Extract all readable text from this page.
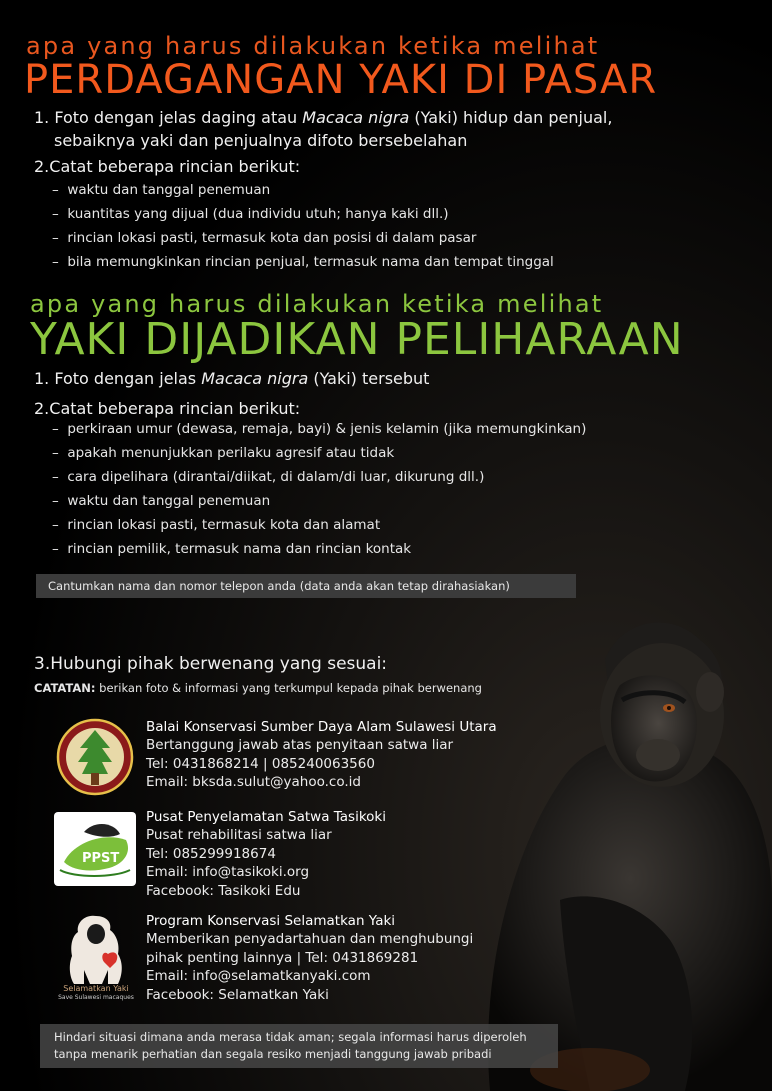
apa yang harus dilakukan ketika melihat
PERDAGANGAN YAKI DI PASAR
1. Foto dengan jelas daging atau Macaca nigra (Yaki) hidup dan penjual,
sebaiknya yaki dan penjualnya difoto bersebelahan
2.Catat beberapa rincian berikut:
–  waktu dan tanggal penemuan
–  kuantitas yang dijual (dua individu utuh; hanya kaki dll.)
–  rincian lokasi pasti, termasuk kota dan posisi di dalam pasar
–  bila memungkinkan rincian penjual, termasuk nama dan tempat tinggal
apa yang harus dilakukan ketika melihat
YAKI DIJADIKAN PELIHARAAN
1. Foto dengan jelas Macaca nigra (Yaki) tersebut
2.Catat beberapa rincian berikut:
–  perkiraan umur (dewasa, remaja, bayi) & jenis kelamin (jika memungkinkan)
–  apakah menunjukkan perilaku agresif atau tidak
–  cara dipelihara (dirantai/diikat, di dalam/di luar, dikurung dll.)
–  waktu dan tanggal penemuan
–  rincian lokasi pasti, termasuk kota dan alamat
–  rincian pemilik, termasuk nama dan rincian kontak
Cantumkan nama dan nomor telepon anda (data anda akan tetap dirahasiakan)
3.Hubungi pihak berwenang yang sesuai:
CATATAN: berikan foto & informasi yang terkumpul kepada pihak berwenang
Balai Konservasi Sumber Daya Alam Sulawesi Utara
Bertanggung jawab atas penyitaan satwa liar
Tel: 0431868214 | 085240063560
Email: bksda.sulut@yahoo.co.id
PPST
Pusat Penyelamatan Satwa Tasikoki
Pusat rehabilitasi satwa liar
Tel: 085299918674
Email: info@tasikoki.org
Facebook: Tasikoki Edu
Selamatkan Yaki
Save Sulawesi macaques
Program Konservasi Selamatkan Yaki
Memberikan penyadartahuan dan menghubungi
pihak penting lainnya | Tel: 0431869281
Email: info@selamatkanyaki.com
Facebook: Selamatkan Yaki
Hindari situasi dimana anda merasa tidak aman; segala informasi harus diperoleh
tanpa menarik perhatian dan segala resiko menjadi tanggung jawab pribadi
